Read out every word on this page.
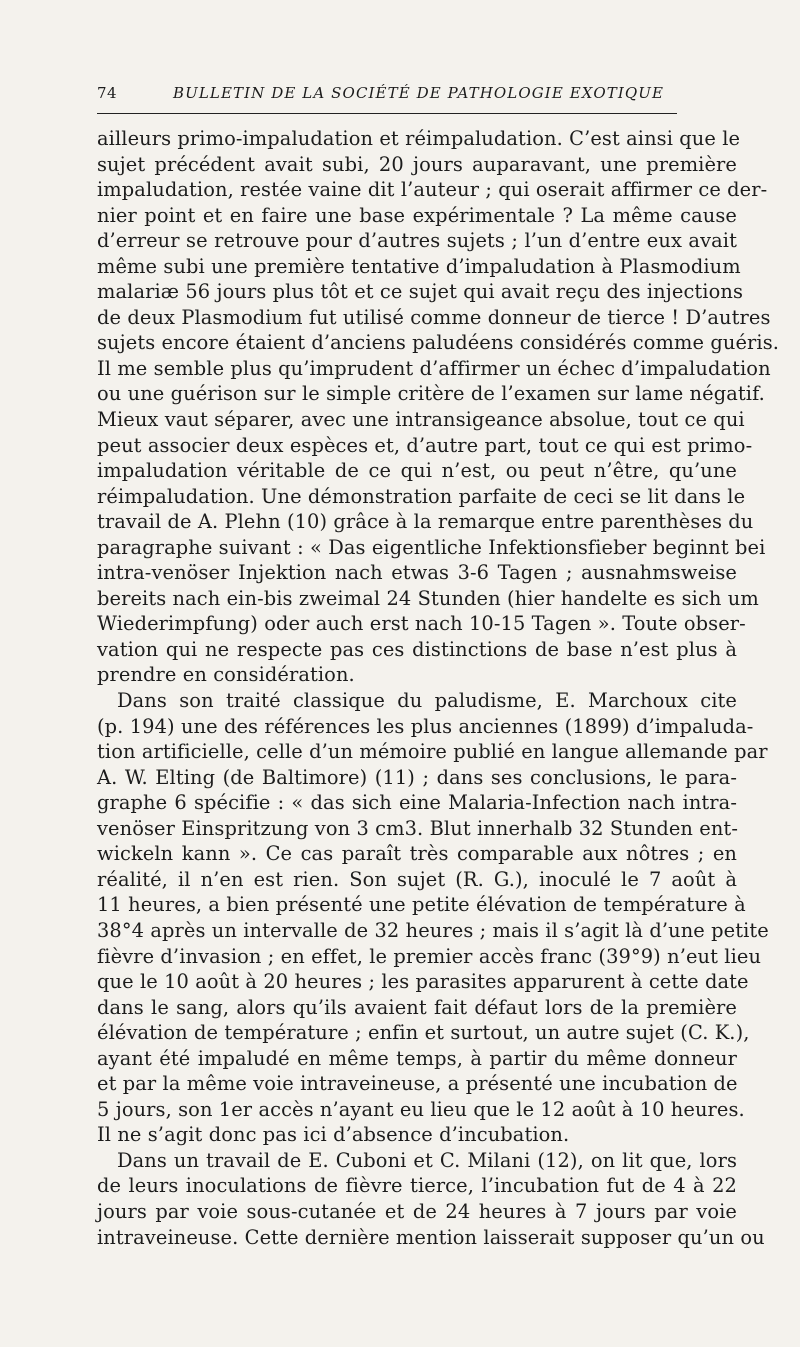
74	BULLETIN DE LA SOCIÉTÉ DE PATHOLOGIE EXOTIQUE
ailleurs primo-impaludation et réimpaludation. C’est ainsi que le
sujet précédent avait subi, 20 jours auparavant, une première
impaludation, restée vaine dit l’auteur ; qui oserait affirmer ce der-
nier point et en faire une base expérimentale ? La même cause
d’erreur se retrouve pour d’autres sujets ; l’un d’entre eux avait
même subi une première tentative d’impaludation à Plasmodium
malariæ 56 jours plus tôt et ce sujet qui avait reçu des injections
de deux Plasmodium fut utilisé comme donneur de tierce ! D’autres
sujets encore étaient d’anciens paludéens considérés comme guéris.
Il me semble plus qu’imprudent d’affirmer un échec d’impaludation
ou une guérison sur le simple critère de l’examen sur lame négatif.
Mieux vaut séparer, avec une intransigeance absolue, tout ce qui
peut associer deux espèces et, d’autre part, tout ce qui est primo-
impaludation véritable de ce qui n’est, ou peut n’être, qu’une
réimpaludation. Une démonstration parfaite de ceci se lit dans le
travail de A. Plehn (10) grâce à la remarque entre parenthèses du
paragraphe suivant : « Das eigentliche Infektionsfieber beginnt bei
intra-venöser Injektion nach etwas 3-6 Tagen ; ausnahmsweise
bereits nach ein-bis zweimal 24 Stunden (hier handelte es sich um
Wiederimpfung) oder auch erst nach 10-15 Tagen ». Toute obser-
vation qui ne respecte pas ces distinctions de base n’est plus à
prendre en considération.
Dans son traité classique du paludisme, E. Marchoux cite
(p. 194) une des références les plus anciennes (1899) d’impaluda-
tion artificielle, celle d’un mémoire publié en langue allemande par
A. W. Elting (de Baltimore) (11) ; dans ses conclusions, le para-
graphe 6 spécifie : « das sich eine Malaria-Infection nach intra-
venöser Einspritzung von 3 cm3. Blut innerhalb 32 Stunden ent-
wickeln kann ». Ce cas paraît très comparable aux nôtres ; en
réalité, il n’en est rien. Son sujet (R. G.), inoculé le 7 août à
11 heures, a bien présenté une petite élévation de température à
38°4 après un intervalle de 32 heures ; mais il s’agit là d’une petite
fièvre d’invasion ; en effet, le premier accès franc (39°9) n’eut lieu
que le 10 août à 20 heures ; les parasites apparurent à cette date
dans le sang, alors qu’ils avaient fait défaut lors de la première
élévation de température ; enfin et surtout, un autre sujet (C. K.),
ayant été impaludé en même temps, à partir du même donneur
et par la même voie intraveineuse, a présenté une incubation de
5 jours, son 1er accès n’ayant eu lieu que le 12 août à 10 heures.
Il ne s’agit donc pas ici d’absence d’incubation.
Dans un travail de E. Cuboni et C. Milani (12), on lit que, lors
de leurs inoculations de fièvre tierce, l’incubation fut de 4 à 22
jours par voie sous-cutanée et de 24 heures à 7 jours par voie
intraveineuse. Cette dernière mention laisserait supposer qu’un ou
